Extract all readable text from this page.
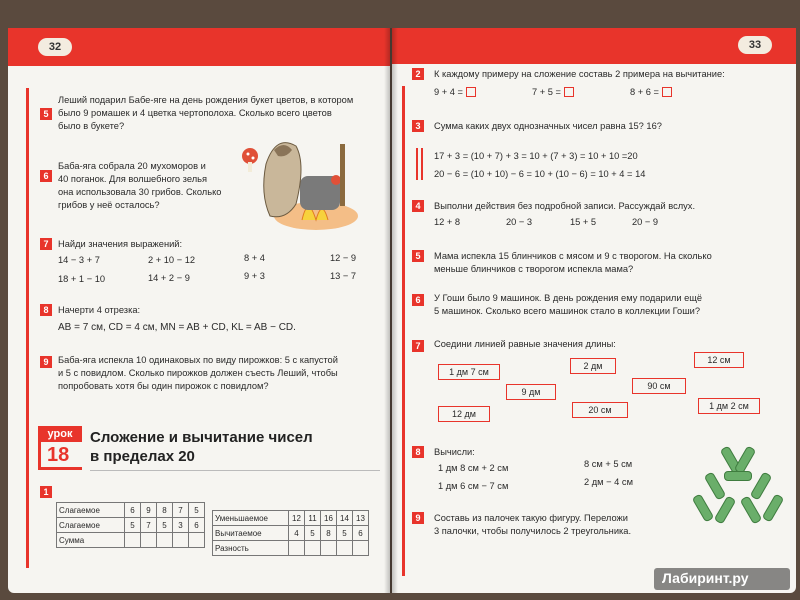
32
5
Леший подарил Бабе-яге на день рождения букет цветов, в котором
было 9 ромашек и 4 цветка чертополоха. Сколько всего цветов
было в букете?
6
Баба-яга собрала 20 мухоморов и
40 поганок. Для волшебного зелья
она использовала 30 грибов. Сколько
грибов у неё осталось?
7	Найди значения выражений:
14 − 3 + 7	2 + 10 − 12	8 + 4	12 − 9
18 + 1 − 10	14 + 2 − 9	9 + 3	13 − 7
8	Начерти 4 отрезка:
AB = 7 см, CD = 4 см, MN = AB + CD, KL = AB − CD.
9	Баба-яга испекла 10 одинаковых по виду пирожков: 5 с капустой
и 5 с повидлом. Сколько пирожков должен съесть Леший, чтобы
попробовать хотя бы один пирожок с повидлом?
урок
18
Сложение и вычитание чисел
в пределах 20
1
Слагаемое	6	9	8	7	5
Слагаемое	5	7	5	3	6
Сумма					
Уменьшаемое	12	11	16	14	13
Вычитаемое	4	5	8	5	6
Разность					
33
2	К каждому примеру на сложение составь 2 примера на вычитание:
9 + 4 =	7 + 5 =	8 + 6 =
3	Сумма каких двух однозначных чисел равна 15? 16?
17 + 3 = (10 + 7) + 3 = 10 + (7 + 3) = 10 + 10 =20
20 − 6 = (10 + 10) − 6 = 10 + (10 − 6) = 10 + 4 = 14
4	Выполни действия без подробной записи. Рассуждай вслух.
12 + 8	20 − 3	15 + 5	20 − 9
5	Мама испекла 15 блинчиков с мясом и 9 с творогом. На сколько
меньше блинчиков с творогом испекла мама?
6	У Гоши было 9 машинок. В день рождения ему подарили ещё
5 машинок. Сколько всего машинок стало в коллекции Гоши?
7	Соедини линией равные значения длины:
1 дм 7 см
2 дм
12 см
9 дм
90 см
12 дм	20 см	1 дм 2 см
8	Вычисли:
1 дм 8 см + 2 см	8 см + 5 см
1 дм 6 см − 7 см	2 дм − 4 см
9	Составь из палочек такую фигуру. Переложи
3 палочки, чтобы получилось 2 треугольника.
Лабиринт.ру
